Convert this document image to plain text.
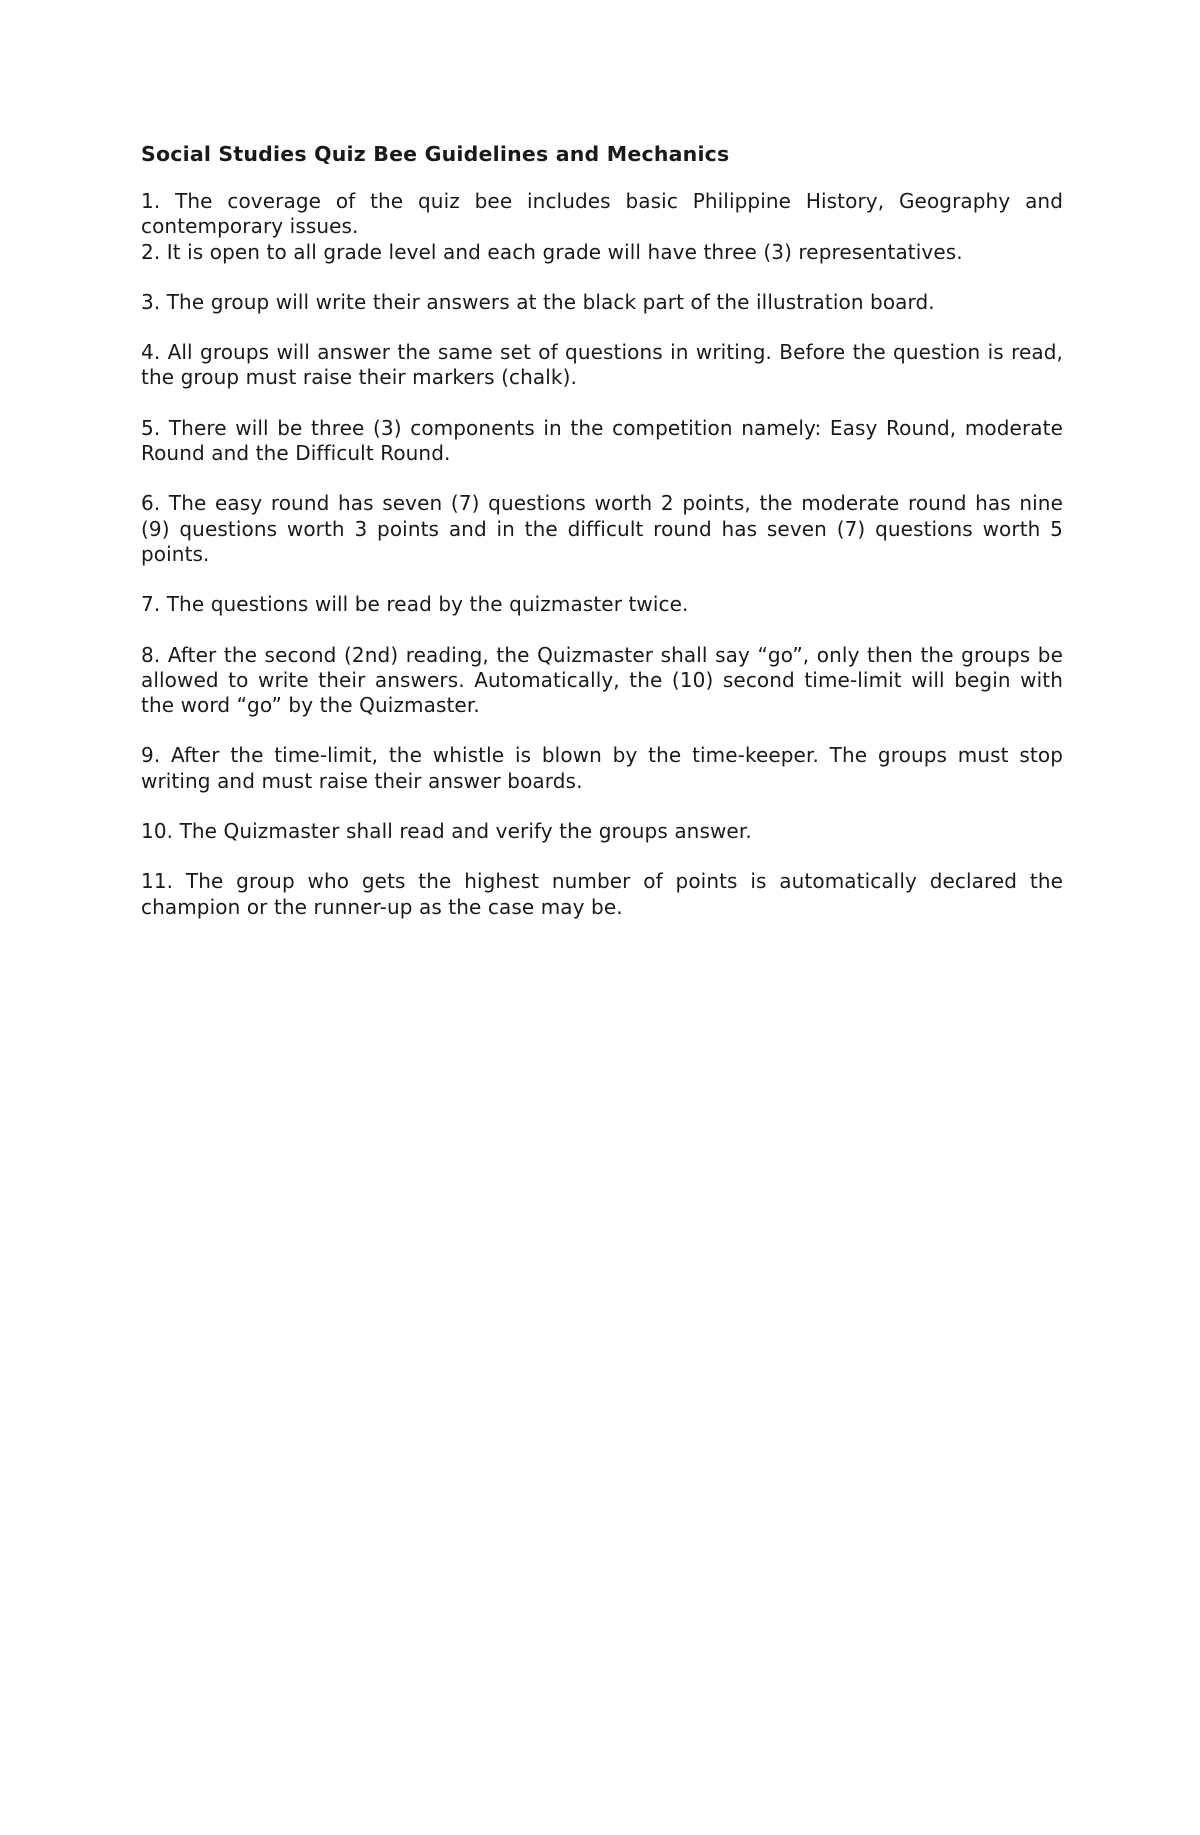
Social Studies Quiz Bee Guidelines and Mechanics
1. The coverage of the quiz bee includes basic Philippine History, Geography and contemporary issues.
2. It is open to all grade level and each grade will have three (3) representatives.
3. The group will write their answers at the black part of the illustration board.
4. All groups will answer the same set of questions in writing. Before the question is read, the group must raise their markers (chalk).
5. There will be three (3) components in the competition namely: Easy Round, moderate Round and the Difficult Round.
6. The easy round has seven (7) questions worth 2 points, the moderate round has nine (9) questions worth 3 points and in the difficult round has seven (7) questions worth 5 points.
7. The questions will be read by the quizmaster twice.
8. After the second (2nd) reading, the Quizmaster shall say “go”, only then the groups be allowed to write their answers. Automatically, the (10) second time-limit will begin with the word “go” by the Quizmaster.
9. After the time-limit, the whistle is blown by the time-keeper. The groups must stop writing and must raise their answer boards.
10. The Quizmaster shall read and verify the groups answer.
11. The group who gets the highest number of points is automatically declared the champion or the runner-up as the case may be.
